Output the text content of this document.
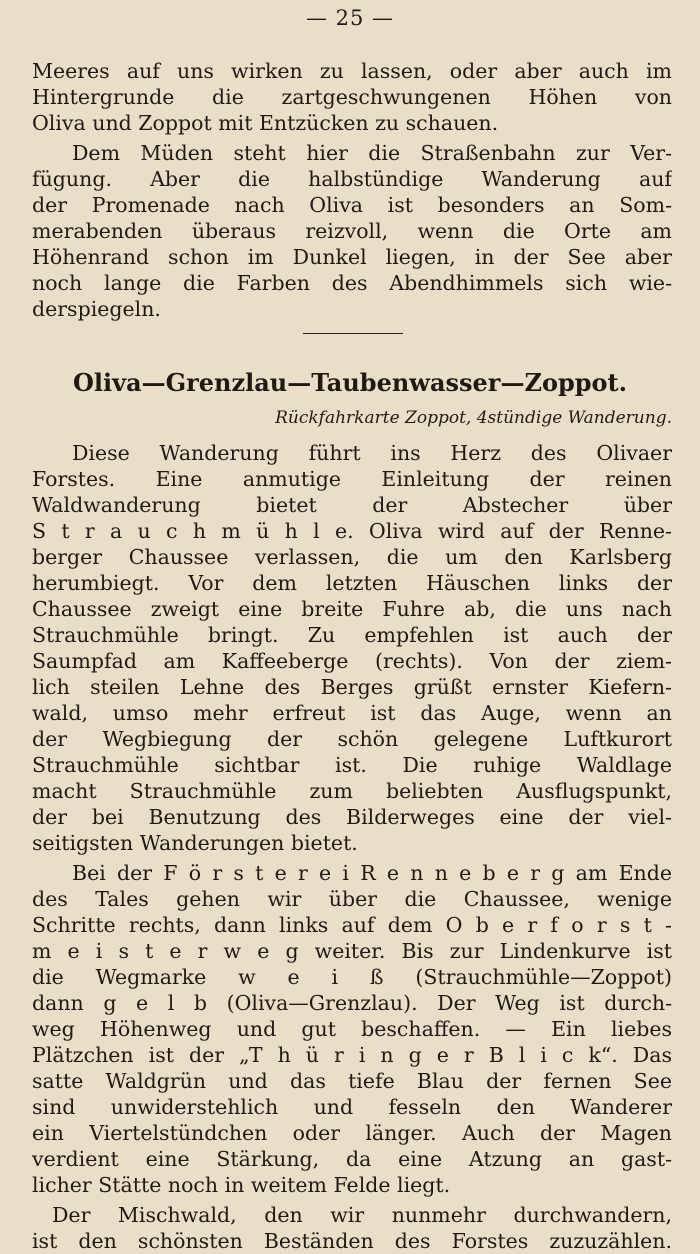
— 25 —
Meeres auf uns wirken zu lassen, oder aber auch im
Hintergrunde die zartgeschwungenen Höhen von
Oliva und Zoppot mit Entzücken zu schauen.
Dem Müden steht hier die Straßenbahn zur Ver-
fügung. Aber die halbstündige Wanderung auf
der Promenade nach Oliva ist besonders an Som-
merabenden überaus reizvoll, wenn die Orte am
Höhenrand schon im Dunkel liegen, in der See aber
noch lange die Farben des Abendhimmels sich wie-
derspiegeln.
Oliva—Grenzlau—Taubenwasser—Zoppot.
Rückfahrkarte Zoppot, 4stündige Wanderung.
Diese Wanderung führt ins Herz des Olivaer
Forstes. Eine anmutige Einleitung der reinen
Waldwanderung bietet der Abstecher über
S t r a u c h m ü h l e. Oliva wird auf der Renne-
berger Chaussee verlassen, die um den Karlsberg
herumbiegt. Vor dem letzten Häuschen links der
Chaussee zweigt eine breite Fuhre ab, die uns nach
Strauchmühle bringt. Zu empfehlen ist auch der
Saumpfad am Kaffeeberge (rechts). Von der ziem-
lich steilen Lehne des Berges grüßt ernster Kiefern-
wald, umso mehr erfreut ist das Auge, wenn an
der Wegbiegung der schön gelegene Luftkurort
Strauchmühle sichtbar ist. Die ruhige Waldlage
macht Strauchmühle zum beliebten Ausflugspunkt,
der bei Benutzung des Bilderweges eine der viel-
seitigsten Wanderungen bietet.
Bei der F ö r s t e r e i R e n n e b e r g am Ende
des Tales gehen wir über die Chaussee, wenige
Schritte rechts, dann links auf dem O b e r f o r s t -
m e i s t e r w e g weiter. Bis zur Lindenkurve ist
die Wegmarke w e i ß (Strauchmühle—Zoppot)
dann g e l b (Oliva—Grenzlau). Der Weg ist durch-
weg Höhenweg und gut beschaffen. — Ein liebes
Plätzchen ist der „T h ü r i n g e r B l i c k“. Das
satte Waldgrün und das tiefe Blau der fernen See
sind unwiderstehlich und fesseln den Wanderer
ein Viertelstündchen oder länger. Auch der Magen
verdient eine Stärkung, da eine Atzung an gast-
licher Stätte noch in weitem Felde liegt.
Der Mischwald, den wir nunmehr durchwandern,
ist den schönsten Beständen des Forstes zuzuzählen.
